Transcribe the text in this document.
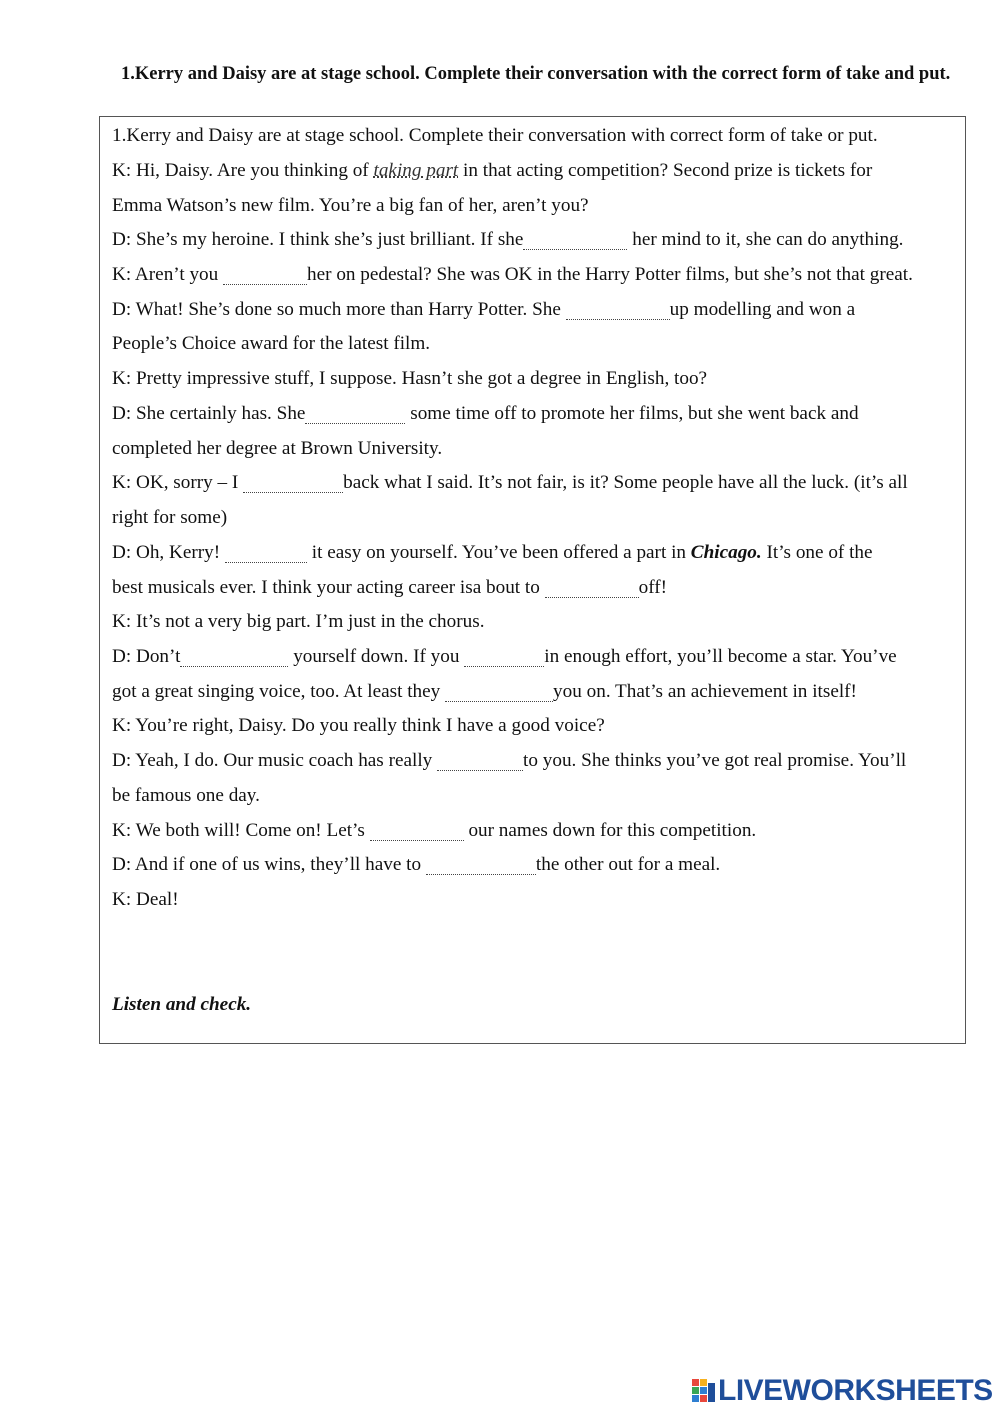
1.Kerry and Daisy are at stage school. Complete their conversation with the correct form of take and put.
1.Kerry and Daisy are at stage school. Complete their conversation with correct form of take or put.
K: Hi, Daisy. Are you thinking of taking part in that acting competition? Second prize is tickets for
Emma Watson’s new film. You’re a big fan of her, aren’t you?
D: She’s my heroine. I think she’s just brilliant. If she	her mind to it, she can do anything.
K: Aren’t you	her on pedestal? She was OK in the Harry Potter films, but she’s not that great.
D: What! She’s done so much more than Harry Potter. She	up modelling and won a
People’s Choice award for the latest film.
K: Pretty impressive stuff, I suppose. Hasn’t she got a degree in English, too?
D: She certainly has. She	some time off to promote her films, but she went back and
completed her degree at Brown University.
K: OK, sorry – I	back what I said. It’s not fair, is it? Some people have all the luck. (it’s all
right for some)
D: Oh, Kerry!	it easy on yourself. You’ve been offered a part in Chicago. It’s one of the
best musicals ever. I think your acting career isa bout to	off!
K: It’s not a very big part. I’m just in the chorus.
D: Don’t	yourself down. If you	in enough effort, you’ll become a star. You’ve
got a great singing voice, too. At least they	you on. That’s an achievement in itself!
K: You’re right, Daisy. Do you really think I have a good voice?
D: Yeah, I do. Our music coach has really	to you. She thinks you’ve got real promise. You’ll
be famous one day.
K: We both will! Come on! Let’s	our names down for this competition.
D: And if one of us wins, they’ll have to	the other out for a meal.
K: Deal!
Listen and check.
LIVEWORKSHEETS
